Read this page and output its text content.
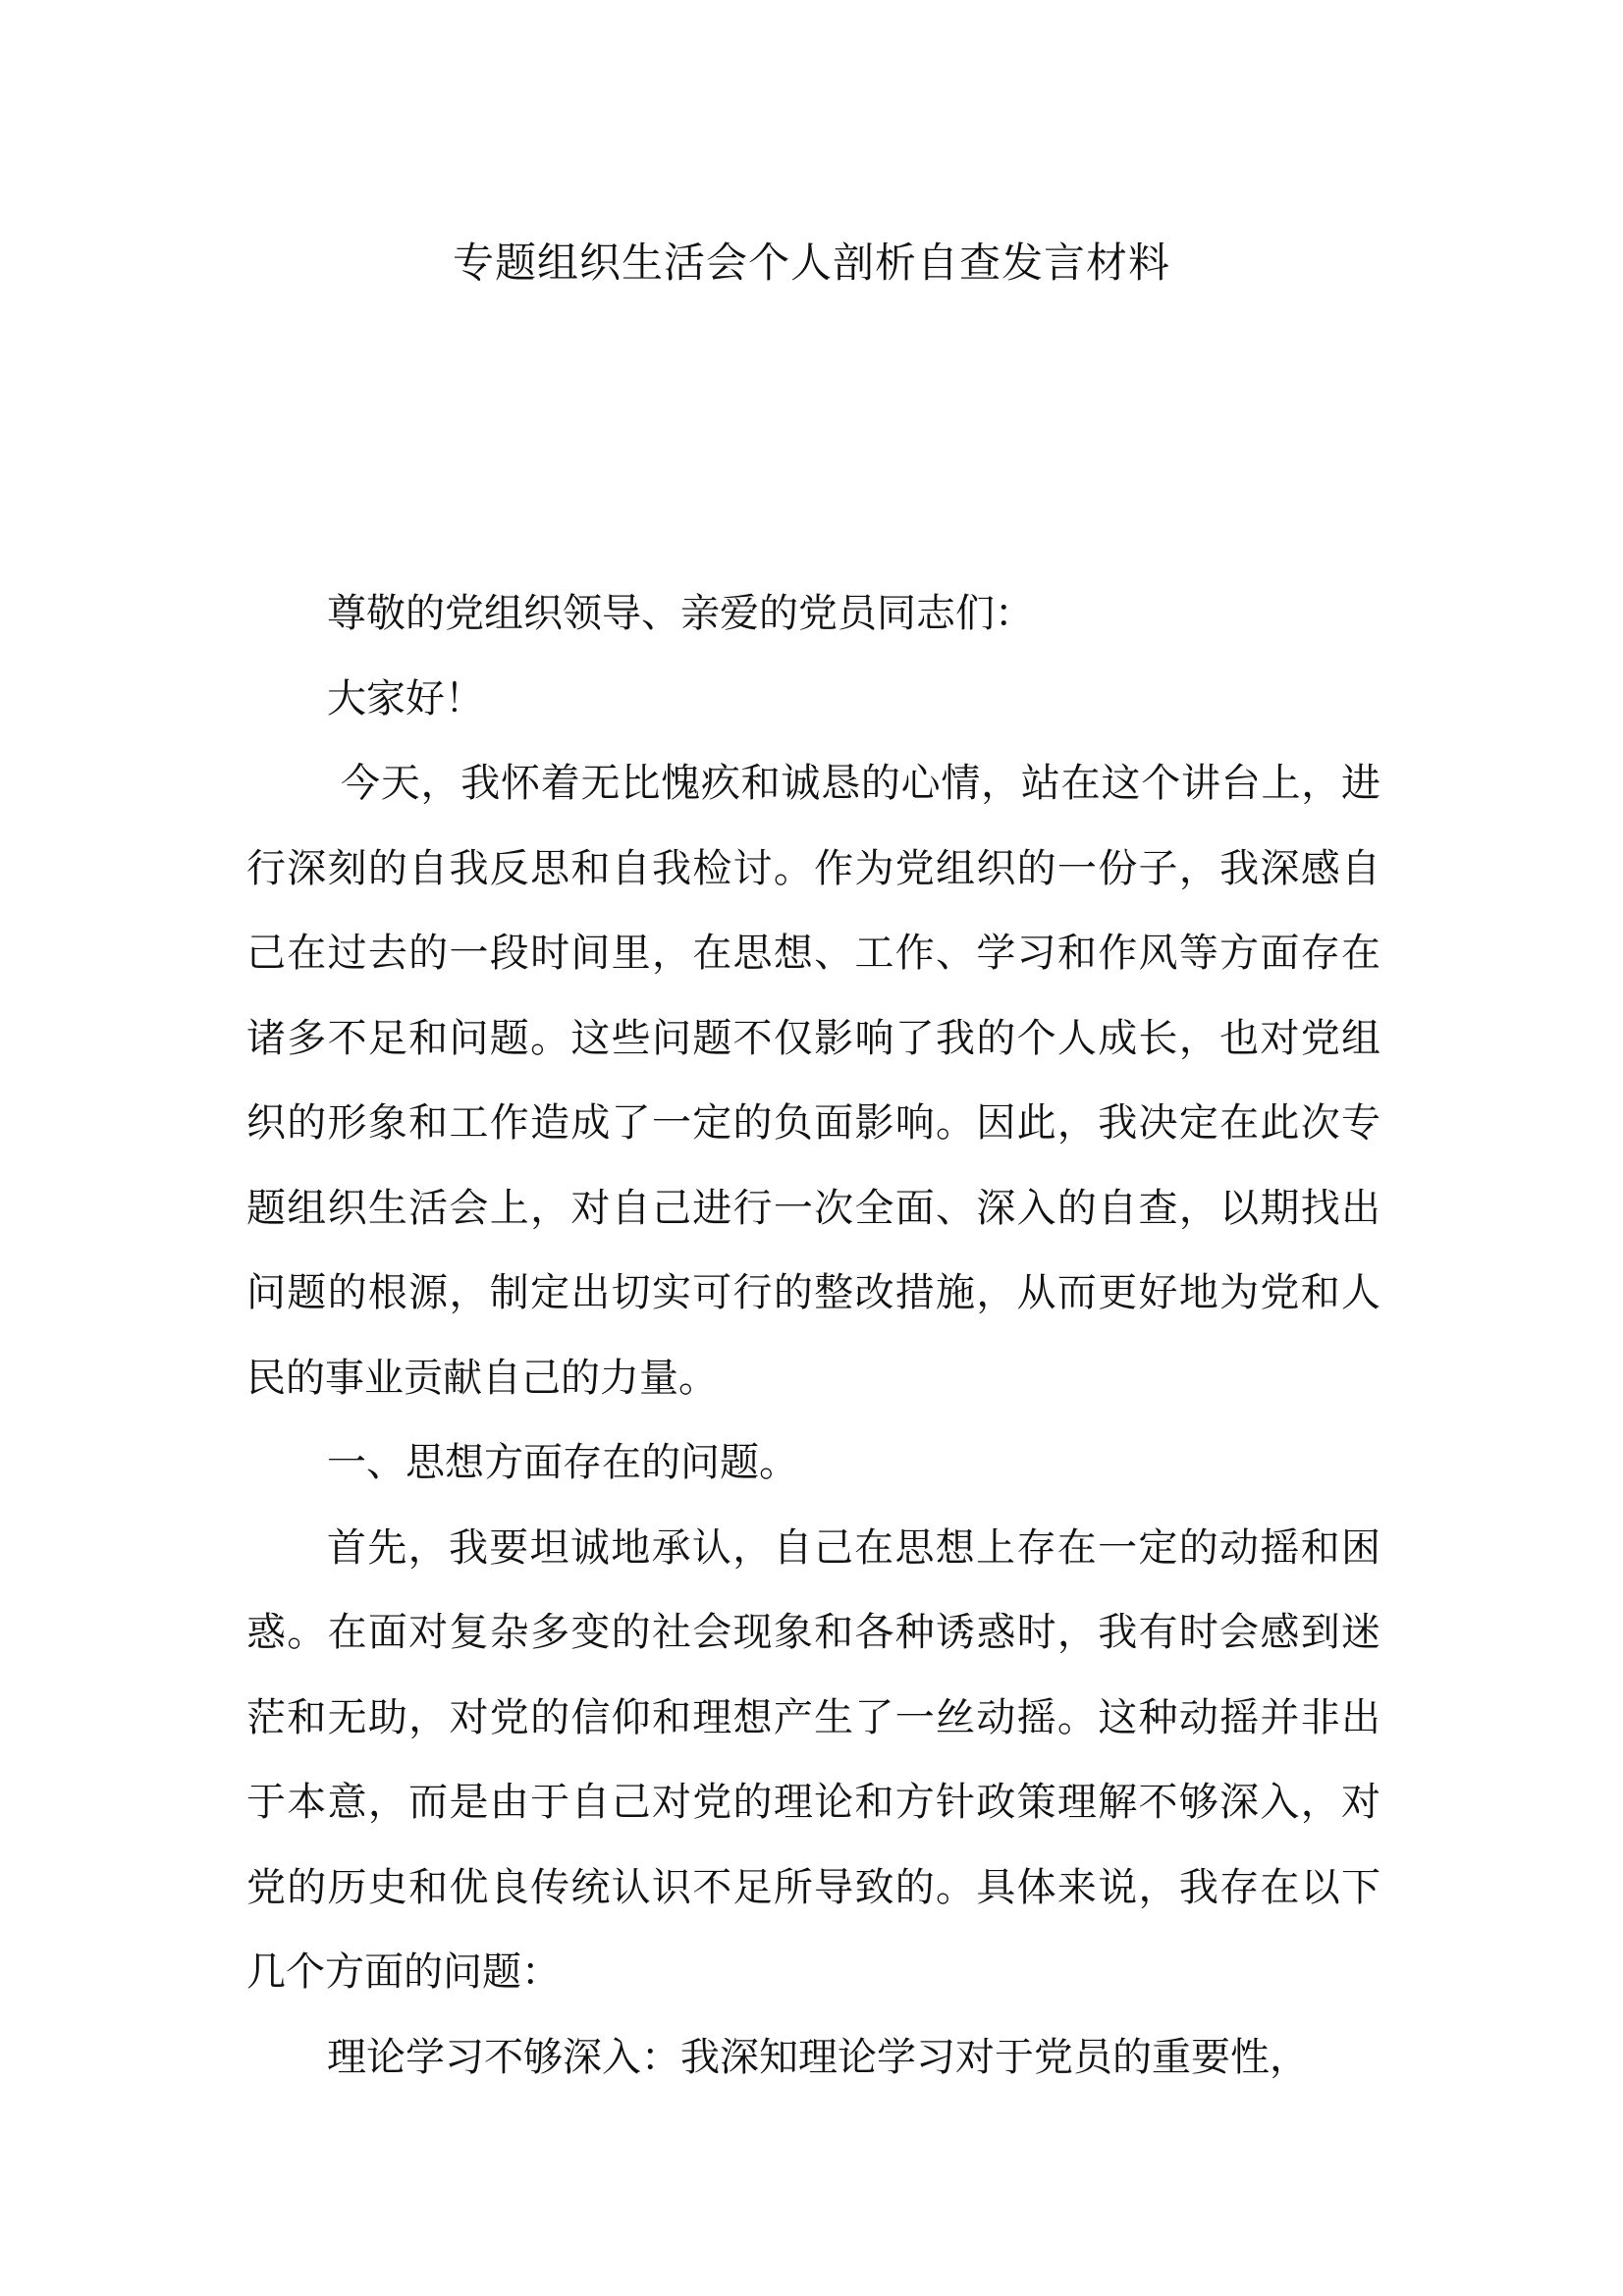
专题组织生活会个人剖析自查发言材料

尊敬的党组织领导、亲爱的党员同志们：

大家好！

今天，我怀着无比愧疚和诚恳的心情，站在这个讲台上，进行深刻的自我反思和自我检讨。作为党组织的一份子，我深感自己在过去的一段时间里，在思想、工作、学习和作风等方面存在诸多不足和问题。这些问题不仅影响了我的个人成长，也对党组织的形象和工作造成了一定的负面影响。因此，我决定在此次专题组织生活会上，对自己进行一次全面、深入的自查，以期找出问题的根源，制定出切实可行的整改措施，从而更好地为党和人民的事业贡献自己的力量。

一、思想方面存在的问题。

首先，我要坦诚地承认，自己在思想上存在一定的动摇和困惑。在面对复杂多变的社会现象和各种诱惑时，我有时会感到迷茫和无助，对党的信仰和理想产生了一丝动摇。这种动摇并非出于本意，而是由于自己对党的理论和方针政策理解不够深入，对党的历史和优良传统认识不足所导致的。具体来说，我存在以下几个方面的问题：

理论学习不够深入：我深知理论学习对于党员的重要性，
